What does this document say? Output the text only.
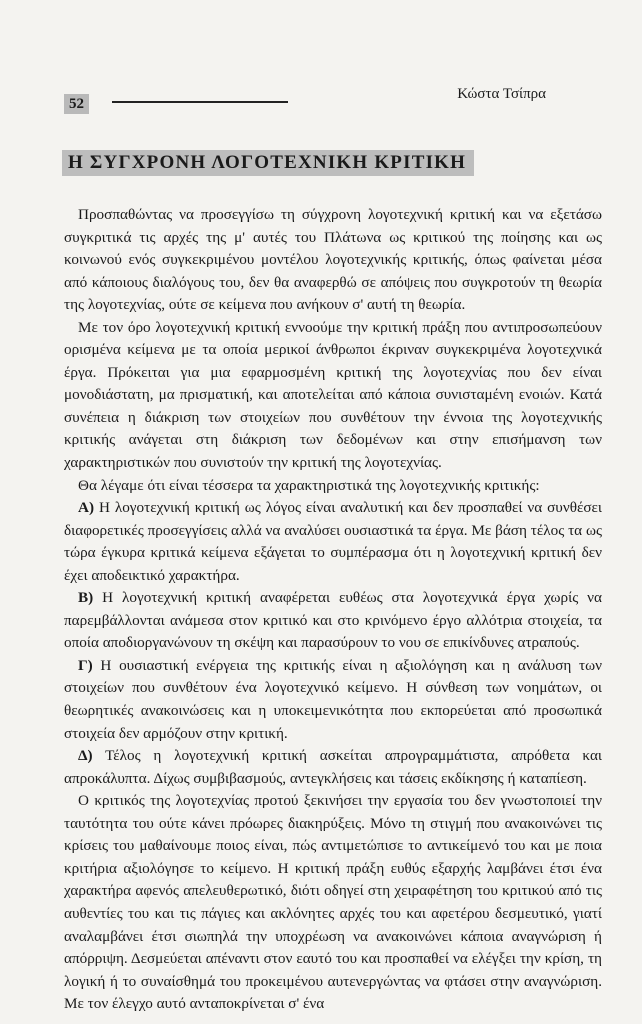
52
Κώστα Τσίπρα
Η ΣΥΓΧΡΟΝΗ ΛΟΓΟΤΕΧΝΙΚΗ ΚΡΙΤΙΚΗ

Προσπαθώντας να προσεγγίσω τη σύγχρονη λογοτεχνική κριτική και να εξετάσω συγκριτικά τις αρχές της μ' αυτές του Πλάτωνα ως κριτικού της ποίησης και ως κοινωνού ενός συγκεκριμένου μοντέλου λογοτεχνικής κριτικής, όπως φαίνεται μέσα από κάποιους διαλόγους του, δεν θα αναφερθώ σε απόψεις που συγκροτούν τη θεωρία της λογοτεχνίας, ούτε σε κείμενα που ανήκουν σ' αυτή τη θεωρία.

Με τον όρο λογοτεχνική κριτική εννοούμε την κριτική πράξη που αντιπροσωπεύουν ορισμένα κείμενα με τα οποία μερικοί άνθρωποι έκριναν συγκεκριμένα λογοτεχνικά έργα. Πρόκειται για μια εφαρμοσμένη κριτική της λογοτεχνίας που δεν είναι μονοδιάστατη, μα πρισματική, και αποτελείται από κάποια συνισταμένη ενοιών. Κατά συνέπεια η διάκριση των στοιχείων που συνθέτουν την έννοια της λογοτεχνικής κριτικής ανάγεται στη διάκριση των δεδομένων και στην επισήμανση των χαρακτηριστικών που συνιστούν την κριτική της λογοτεχνίας.

Θα λέγαμε ότι είναι τέσσερα τα χαρακτηριστικά της λογοτεχνικής κριτικής:

Α) Η λογοτεχνική κριτική ως λόγος είναι αναλυτική και δεν προσπαθεί να συνθέσει διαφορετικές προσεγγίσεις αλλά να αναλύσει ουσιαστικά τα έργα. Με βάση τέλος τα ως τώρα έγκυρα κριτικά κείμενα εξάγεται το συμπέρασμα ότι η λογοτεχνική κριτική δεν έχει αποδεικτικό χαρακτήρα.

Β) Η λογοτεχνική κριτική αναφέρεται ευθέως στα λογοτεχνικά έργα χωρίς να παρεμβάλλονται ανάμεσα στον κριτικό και στο κρινόμενο έργο αλλότρια στοιχεία, τα οποία αποδιοργανώνουν τη σκέψη και παρασύρουν το νου σε επικίνδυνες ατραπούς.

Γ) Η ουσιαστική ενέργεια της κριτικής είναι η αξιολόγηση και η ανάλυση των στοιχείων που συνθέτουν ένα λογοτεχνικό κείμενο. Η σύνθεση των νοημάτων, οι θεωρητικές ανακοινώσεις και η υποκειμενικότητα που εκπορεύεται από προσωπικά στοιχεία δεν αρμόζουν στην κριτική.

Δ) Τέλος η λογοτεχνική κριτική ασκείται απρογραμμάτιστα, απρόθετα και απροκάλυπτα. Δίχως συμβιβασμούς, αντεγκλήσεις και τάσεις εκδίκησης ή καταπίεση.

Ο κριτικός της λογοτεχνίας προτού ξεκινήσει την εργασία του δεν γνωστοποιεί την ταυτότητα του ούτε κάνει πρόωρες διακηρύξεις. Μόνο τη στιγμή που ανακοινώνει τις κρίσεις του μαθαίνουμε ποιος είναι, πώς αντιμετώπισε το αντικείμενό του και με ποια κριτήρια αξιολόγησε το κείμενο. Η κριτική πράξη ευθύς εξαρχής λαμβάνει έτσι ένα χαρακτήρα αφενός απελευθερωτικό, διότι οδηγεί στη χειραφέτηση του κριτικού από τις αυθεντίες του και τις πάγιες και ακλόνητες αρχές του και αφετέρου δεσμευτικό, γιατί αναλαμβάνει έτσι σιωπηλά την υποχρέωση να ανακοινώνει κάποια αναγνώριση ή απόρριψη. Δεσμεύεται απέναντι στον εαυτό του και προσπαθεί να ελέγξει την κρίση, τη λογική ή το συναίσθημά του προκειμένου αυτενεργώντας να φτάσει στην αναγνώριση. Με τον έλεγχο αυτό ανταποκρίνεται σ' ένα
